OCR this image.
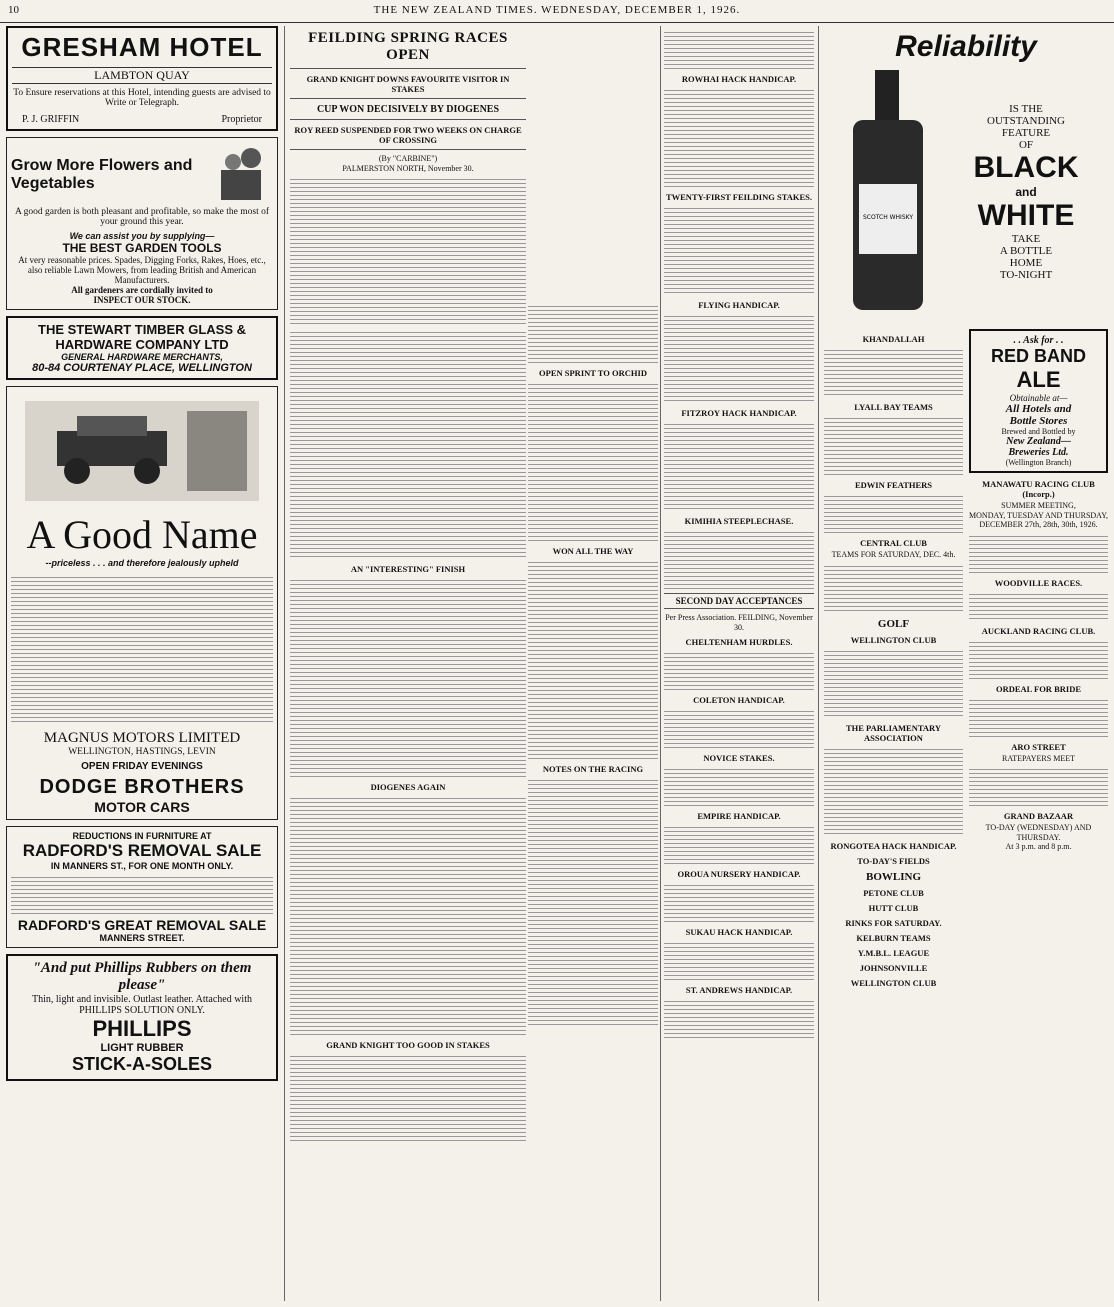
10	THE NEW ZEALAND TIMES. WEDNESDAY, DECEMBER 1, 1926.
GRESHAM HOTEL
LAMBTON QUAY
To Ensure reservations at this Hotel, intending guests are advised to Write or Telegraph.
P. J. GRIFFIN	Proprietor
Grow More Flowers and Vegetables
A good garden is both pleasant and profitable, so make the most of your ground this year.
We can assist you by supplying—
THE BEST GARDEN TOOLS
At very reasonable prices. Spades, Digging Forks, Rakes, Hoes, etc., also reliable Lawn Mowers, from leading British and American Manufacturers.
All gardeners are cordially invited to
INSPECT OUR STOCK.
THE STEWART TIMBER GLASS & HARDWARE COMPANY LTD
GENERAL HARDWARE MERCHANTS,
80-84 COURTENAY PLACE, WELLINGTON
A Good Name
--priceless . . . and therefore jealously upheld
MAGNUS MOTORS LIMITED
WELLINGTON, HASTINGS, LEVIN
OPEN FRIDAY EVENINGS
DODGE BROTHERS
MOTOR CARS
REDUCTIONS IN FURNITURE AT
RADFORD'S REMOVAL SALE
IN MANNERS ST., FOR ONE MONTH ONLY.
RADFORD'S GREAT REMOVAL SALE
MANNERS STREET.
"And put Phillips Rubbers on them please"
Thin, light and invisible. Outlast leather. Attached with PHILLIPS SOLUTION ONLY.
PHILLIPS
LIGHT RUBBER
STICK-A-SOLES
FEILDING SPRING RACES OPEN
GRAND KNIGHT DOWNS FAVOURITE VISITOR IN STAKES
CUP WON DECISIVELY BY DIOGENES
ROY REED SUSPENDED FOR TWO WEEKS ON CHARGE OF CROSSING
(By "CARBINE")
PALMERSTON NORTH, November 30.
AN "INTERESTING" FINISH
DIOGENES AGAIN
GRAND KNIGHT TOO GOOD IN STAKES
OPEN SPRINT TO ORCHID
WON ALL THE WAY
NOTES ON THE RACING
ROWHAI HACK HANDICAP.
TWENTY-FIRST FEILDING STAKES.
FLYING HANDICAP.
FITZROY HACK HANDICAP.
KIMIHIA STEEPLECHASE.
SECOND DAY ACCEPTANCES
Per Press Association. FEILDING, November 30.
CHELTENHAM HURDLES.
COLETON HANDICAP.
NOVICE STAKES.
EMPIRE HANDICAP.
OROUA NURSERY HANDICAP.
SUKAU HACK HANDICAP.
ST. ANDREWS HANDICAP.
Reliability
SCOTCH WHISKY
IS THE
OUTSTANDING
FEATURE
OF
BLACK
and
WHITE
TAKE
A BOTTLE
HOME
TO-NIGHT
KHANDALLAH
LYALL BAY TEAMS
EDWIN FEATHERS
CENTRAL CLUB
TEAMS FOR SATURDAY, DEC. 4th.
GOLF
WELLINGTON CLUB
THE PARLIAMENTARY ASSOCIATION
RONGOTEA HACK HANDICAP.
TO-DAY'S FIELDS
BOWLING
PETONE CLUB
HUTT CLUB
RINKS FOR SATURDAY.
KELBURN TEAMS
Y.M.B.L. LEAGUE
JOHNSONVILLE
WELLINGTON CLUB
. . Ask for . .
RED BAND
ALE
Obtainable at—
All Hotels and
Bottle Stores
Brewed and Bottled by
New Zealand—
Breweries Ltd.
(Wellington Branch)
MANAWATU RACING CLUB (Incorp.)
SUMMER MEETING,
MONDAY, TUESDAY AND THURSDAY, DECEMBER 27th, 28th, 30th, 1926.
WOODVILLE RACES.
AUCKLAND RACING CLUB.
ORDEAL FOR BRIDE
ARO STREET
RATEPAYERS MEET
GRAND BAZAAR
TO-DAY (WEDNESDAY) AND THURSDAY.
At 3 p.m. and 8 p.m.
